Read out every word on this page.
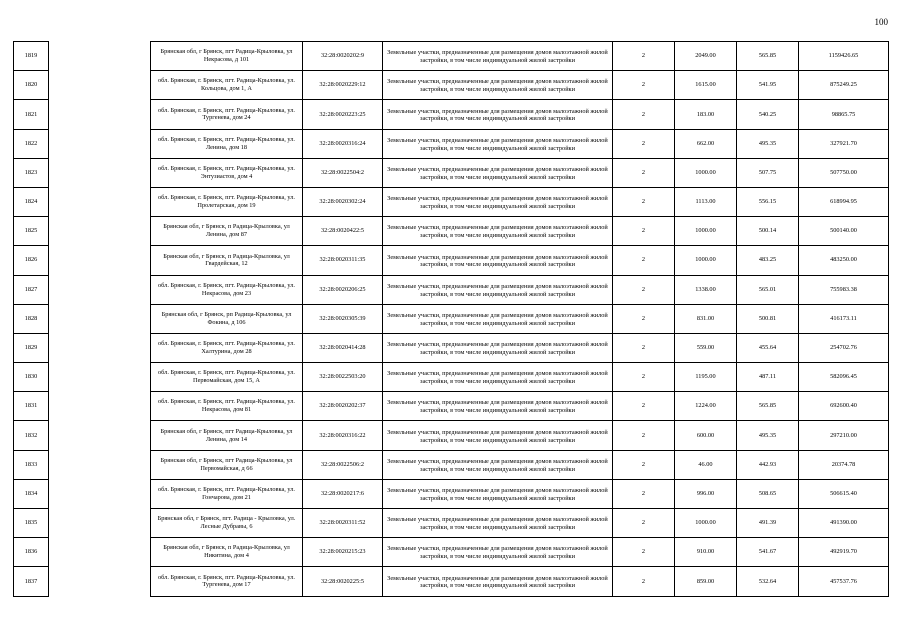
100
1819		Брянская обл, г Брянск, пгт Радица-Крыловка, ул Некрасова, д 101	32:28:0020202:9	Земельные участки, предназначенные для размещения домов малоэтажной жилой застройки, в том числе индивидуальной жилой застройки	2	2049.00	565.85	1159426.65
1820		обл. Брянская, г. Брянск, пгт. Радица-Крыловка, ул. Кольцова, дом 1, А	32:28:0020229:12	Земельные участки, предназначенные для размещения домов малоэтажной жилой застройки, в том числе индивидуальной жилой застройки	2	1615.00	541.95	875249.25
1821		обл. Брянская, г. Брянск, пгт. Радица-Крыловка, ул. Тургенева, дом 24	32:28:0020223:25	Земельные участки, предназначенные для размещения домов малоэтажной жилой застройки, в том числе индивидуальной жилой застройки	2	183.00	540.25	98865.75
1822		обл. Брянская, г. Брянск, пгт. Радица-Крыловка, ул. Ленина, дом 18	32:28:0020316:24	Земельные участки, предназначенные для размещения домов малоэтажной жилой застройки, в том числе индивидуальной жилой застройки	2	662.00	495.35	327921.70
1823		обл. Брянская, г. Брянск, пгт. Радица-Крыловка, ул. Энтузиастов, дом 4	32:28:0022504:2	Земельные участки, предназначенные для размещения домов малоэтажной жилой застройки, в том числе индивидуальной жилой застройки	2	1000.00	507.75	507750.00
1824		обл. Брянская, г. Брянск, пгт. Радица-Крыловка, ул. Пролетарская, дом 19	32:28:0020302:24	Земельные участки, предназначенные для размещения домов малоэтажной жилой застройки, в том числе индивидуальной жилой застройки	2	1113.00	556.15	618994.95
1825		Брянская обл, г Брянск, п Радица-Крыловка, ул Ленина, дом 87	32:28:0020422:5	Земельные участки, предназначенные для размещения домов малоэтажной жилой застройки, в том числе индивидуальной жилой застройки	2	1000.00	500.14	500140.00
1826		Брянская обл, г Брянск, п Радица-Крыловка, ул Гвардейская, 12	32:28:0020311:35	Земельные участки, предназначенные для размещения домов малоэтажной жилой застройки, в том числе индивидуальной жилой застройки	2	1000.00	483.25	483250.00
1827		обл. Брянская, г. Брянск, пгт. Радица-Крыловка, ул. Некрасова, дом 23	32:28:0020206:25	Земельные участки, предназначенные для размещения домов малоэтажной жилой застройки, в том числе индивидуальной жилой застройки	2	1338.00	565.01	755983.38
1828		Брянская обл, г Брянск, рп Радица-Крыловка, ул Фокина, д 106	32:28:0020305:39	Земельные участки, предназначенные для размещения домов малоэтажной жилой застройки, в том числе индивидуальной жилой застройки	2	831.00	500.81	416173.11
1829		обл. Брянская, г. Брянск, пгт. Радица-Крыловка, ул. Халтурина, дом 28	32:28:0020414:28	Земельные участки, предназначенные для размещения домов малоэтажной жилой застройки, в том числе индивидуальной жилой застройки	2	559.00	455.64	254702.76
1830		обл. Брянская, г. Брянск, пгт. Радица-Крыловка, ул. Первомайская, дом 15, А	32:28:0022503:20	Земельные участки, предназначенные для размещения домов малоэтажной жилой застройки, в том числе индивидуальной жилой застройки	2	1195.00	487.11	582096.45
1831		обл. Брянская, г. Брянск, пгт. Радица-Крыловка, ул. Некрасова, дом 81	32:28:0020202:37	Земельные участки, предназначенные для размещения домов малоэтажной жилой застройки, в том числе индивидуальной жилой застройки	2	1224.00	565.85	692600.40
1832		Брянская обл, г Брянск, пгт Радица-Крыловка, ул Ленина, дом 14	32:28:0020316:22	Земельные участки, предназначенные для размещения домов малоэтажной жилой застройки, в том числе индивидуальной жилой застройки	2	600.00	495.35	297210.00
1833		Брянская обл, г Брянск, пгт Радица-Крыловка, ул Первомайская, д 66	32:28:0022506:2	Земельные участки, предназначенные для размещения домов малоэтажной жилой застройки, в том числе индивидуальной жилой застройки	2	46.00	442.93	20374.78
1834		обл. Брянская, г. Брянск, пгт. Радица-Крыловка, ул. Гончарова, дом 21	32:28:0020217:6	Земельные участки, предназначенные для размещения домов малоэтажной жилой застройки, в том числе индивидуальной жилой застройки	2	996.00	508.65	506615.40
1835		Брянская обл, г Брянск, пгт. Радица - Крыловка, ул. Лесные Дубравы, 6	32:28:0020311:52	Земельные участки, предназначенные для размещения домов малоэтажной жилой застройки, в том числе индивидуальной жилой застройки	2	1000.00	491.39	491390.00
1836		Брянская обл, г Брянск, п Радица-Крыловка, ул Никитина, дом 4	32:28:0020215:23	Земельные участки, предназначенные для размещения домов малоэтажной жилой застройки, в том числе индивидуальной жилой застройки	2	910.00	541.67	492919.70
1837		обл. Брянская, г. Брянск, пгт. Радица-Крыловка, ул. Тургенева, дом 17	32:28:0020225:5	Земельные участки, предназначенные для размещения домов малоэтажной жилой застройки, в том числе индивидуальной жилой застройки	2	859.00	532.64	457537.76
